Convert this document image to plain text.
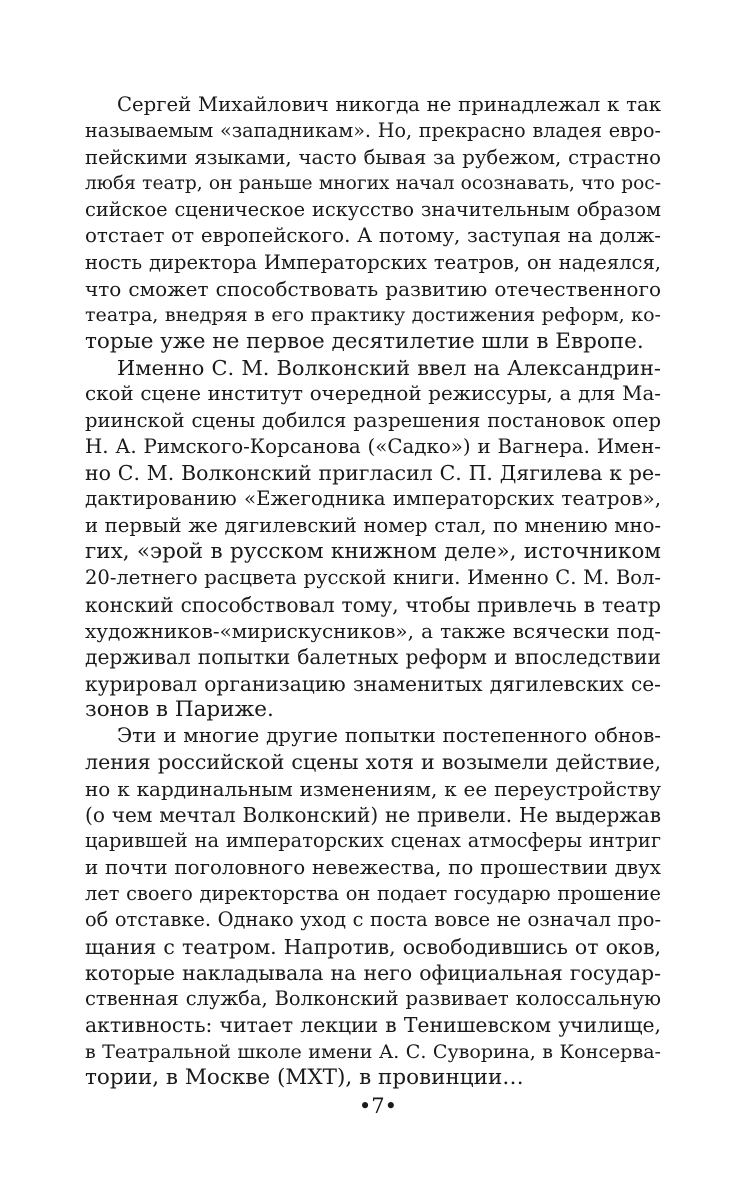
Сергей Михайлович никогда не принадлежал к так
называемым «западникам». Но, прекрасно владея евро-
пейскими языками, часто бывая за рубежом, страстно
любя театр, он раньше многих начал осознавать, что рос-
сийское сценическое искусство значительным образом
отстает от европейского. А потому, заступая на долж-
ность директора Императорских театров, он надеялся,
что сможет способствовать развитию отечественного
театра, внедряя в его практику достижения реформ, ко-
торые уже не первое десятилетие шли в Европе.
Именно С. М. Волконский ввел на Александрин-
ской сцене институт очередной режиссуры, а для Ма-
риинской сцены добился разрешения постановок опер
Н. А. Римского-Корсанова («Садко») и Вагнера. Имен-
но С. М. Волконский пригласил С. П. Дягилева к ре-
дактированию «Ежегодника императорских театров»,
и первый же дягилевский номер стал, по мнению мно-
гих, «эрой в русском книжном деле», источником
20-летнего расцвета русской книги. Именно С. М. Вол-
конский способствовал тому, чтобы привлечь в театр
художников-«мирискусников», а также всячески под-
держивал попытки балетных реформ и впоследствии
курировал организацию знаменитых дягилевских се-
зонов в Париже.
Эти и многие другие попытки постепенного обнов-
ления российской сцены хотя и возымели действие,
но к кардинальным изменениям, к ее переустройству
(о чем мечтал Волконский) не привели. Не выдержав
царившей на императорских сценах атмосферы интриг
и почти поголовного невежества, по прошествии двух
лет своего директорства он подает государю прошение
об отставке. Однако уход с поста вовсе не означал про-
щания с театром. Напротив, освободившись от оков,
которые накладывала на него официальная государ-
ственная служба, Волконский развивает колоссальную
активность: читает лекции в Тенишевском училище,
в Театральной школе имени А. С. Суворина, в Консерва-
тории, в Москве (МХТ), в провинции…
•7•
